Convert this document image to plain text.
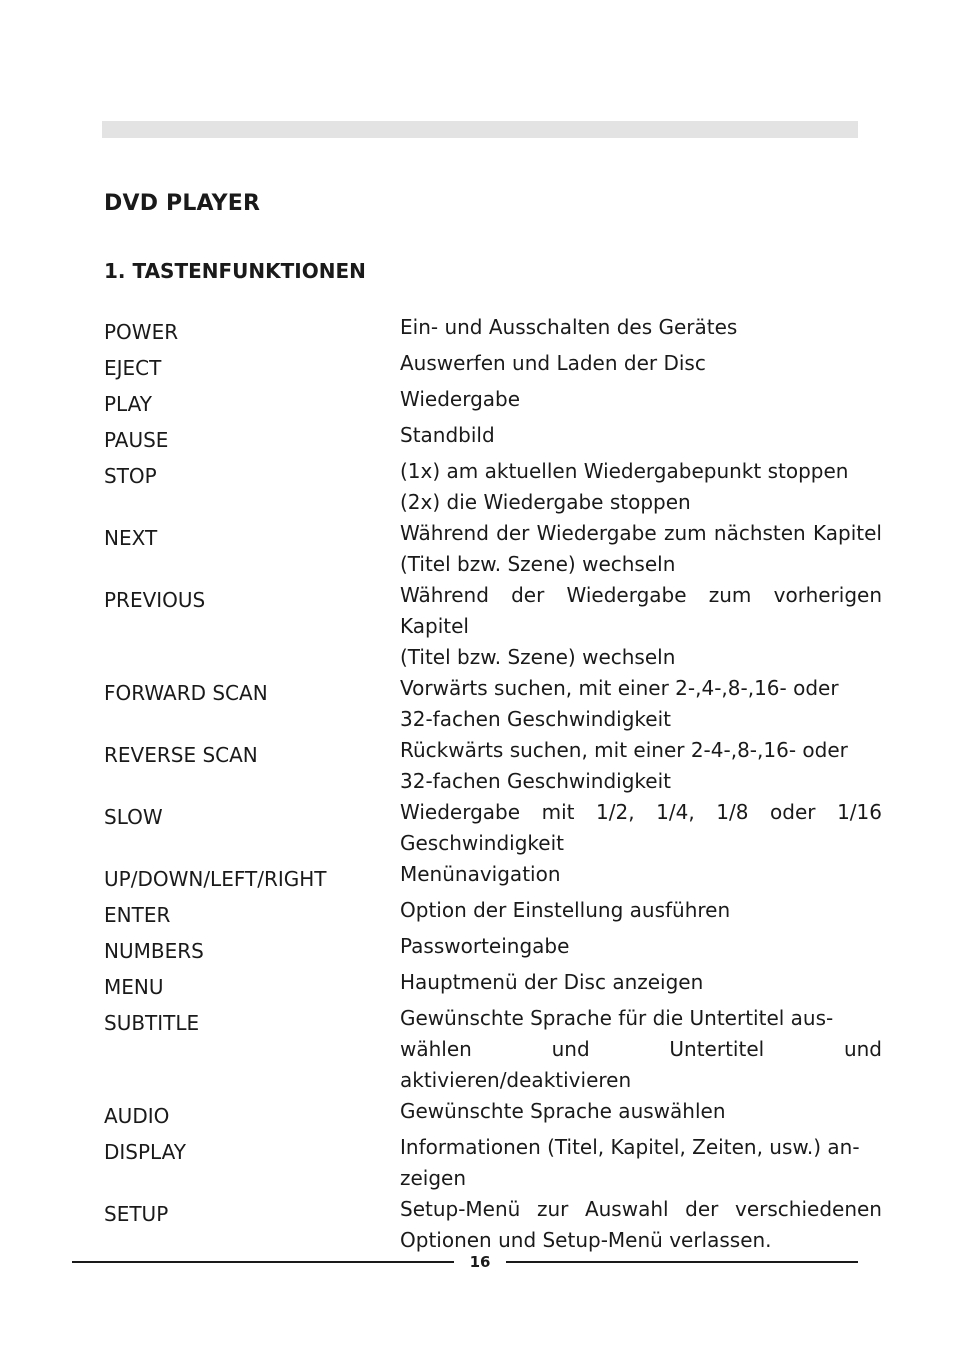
DVD PLAYER
1. TASTENFUNKTIONEN
POWER	Ein- und Ausschalten des Gerätes
EJECT	Auswerfen und Laden der Disc
PLAY	Wiedergabe
PAUSE	Standbild
STOP	(1x) am aktuellen Wiedergabepunkt stoppen
(2x) die Wiedergabe stoppen
NEXT	Während der Wiedergabe zum nächsten Kapitel
(Titel bzw. Szene) wechseln
PREVIOUS	Während der Wiedergabe zum vorherigen Kapitel
(Titel bzw. Szene) wechseln
FORWARD SCAN	Vorwärts suchen, mit einer 2-,4-,8-,16- oder
32-fachen Geschwindigkeit
REVERSE SCAN	Rückwärts suchen, mit einer 2-4-,8-,16- oder
32-fachen Geschwindigkeit
SLOW	Wiedergabe mit 1/2, 1/4, 1/8 oder 1/16
Geschwindigkeit
UP/DOWN/LEFT/RIGHT	Menünavigation
ENTER	Option der Einstellung ausführen
NUMBERS	Passworteingabe
MENU	Hauptmenü der Disc anzeigen
SUBTITLE	Gewünschte Sprache für die Untertitel aus-
wählen und Untertitel und aktivieren/deaktivieren
AUDIO	Gewünschte Sprache auswählen
DISPLAY	Informationen (Titel, Kapitel, Zeiten, usw.) an-
zeigen
SETUP	Setup-Menü zur Auswahl der verschiedenen
Optionen und Setup-Menü verlassen.
16
